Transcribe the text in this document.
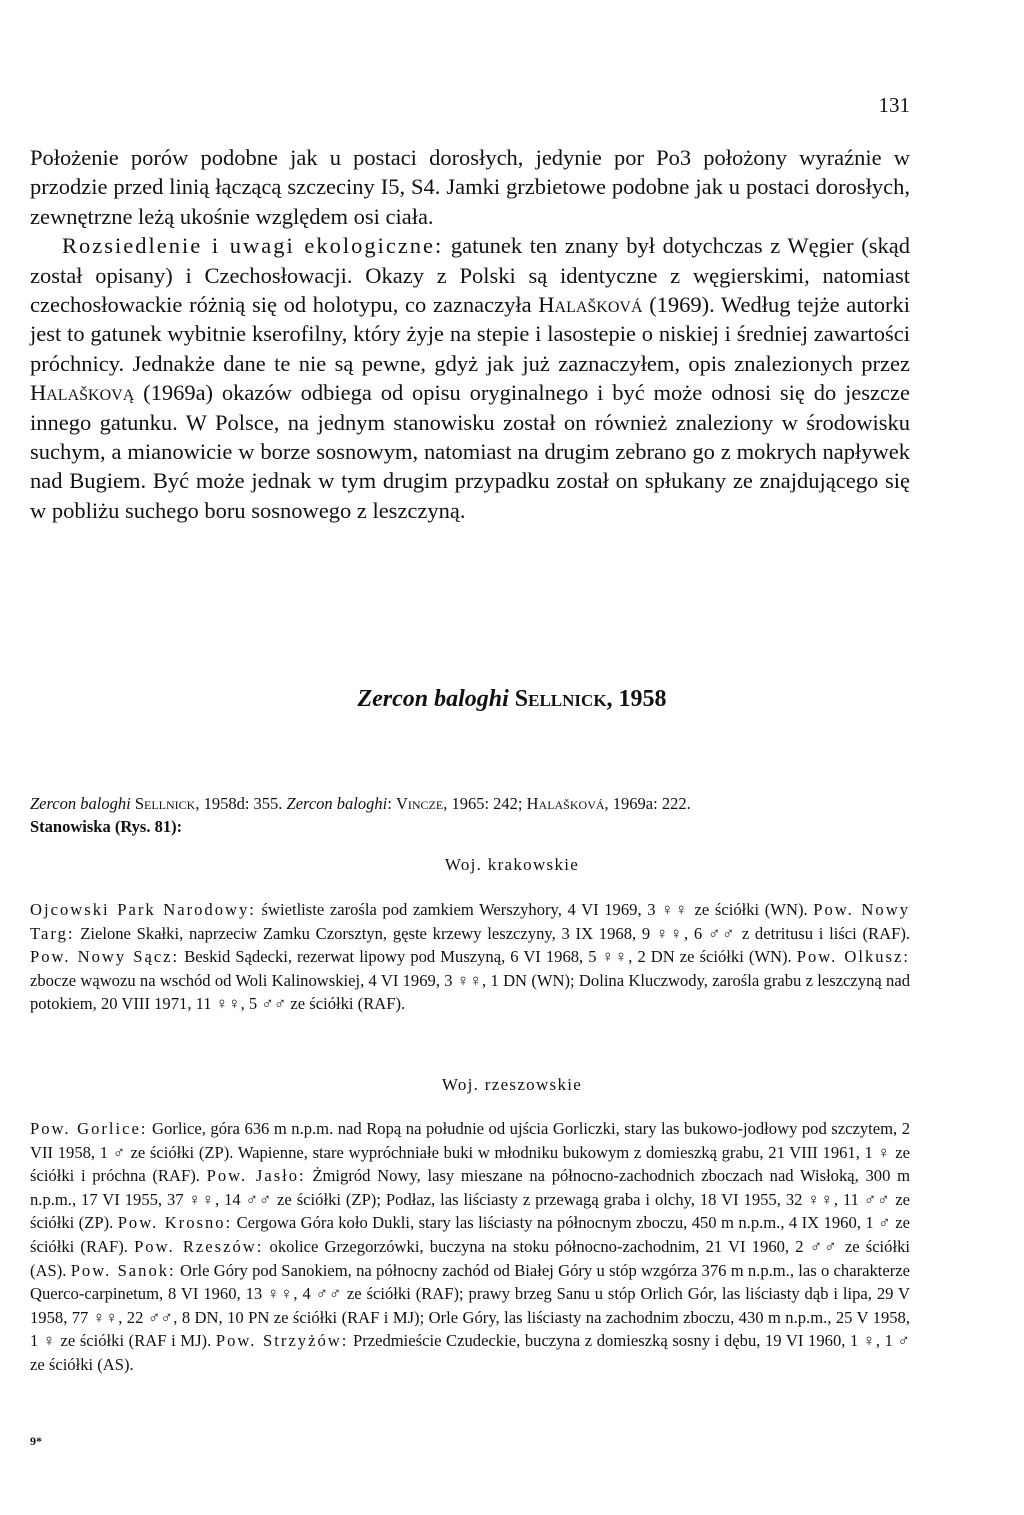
131

Położenie porów podobne jak u postaci dorosłych, jedynie por Po3 położony wyraźnie w przodzie przed linią łączącą szczeciny I5, S4. Jamki grzbietowe podobne jak u postaci dorosłych, zewnętrzne leżą ukośnie względem osi ciała.

Rozsiedlenie i uwagi ekologiczne: gatunek ten znany był dotychczas z Węgier (skąd został opisany) i Czechosłowacji. Okazy z Polski są identyczne z węgierskimi, natomiast czechosłowackie różnią się od holotypu, co zaznaczyła Halašková (1969). Według tejże autorki jest to gatunek wybitnie kserofilny, który żyje na stepie i lasostepie o niskiej i średniej zawartości próchnicy. Jednakże dane te nie są pewne, gdyż jak już zaznaczyłem, opis znalezionych przez Halaškovą (1969a) okazów odbiega od opisu oryginalnego i być może odnosi się do jeszcze innego gatunku. W Polsce, na jednym stanowisku został on również znaleziony w środowisku suchym, a mianowicie w borze sosnowym, natomiast na drugim zebrano go z mokrych napływek nad Bugiem. Być może jednak w tym drugim przypadku został on spłukany ze znajdującego się w pobliżu suchego boru sosnowego z leszczyną.

Zercon baloghi Sellnick, 1958

Zercon baloghi Sellnick, 1958d: 355. Zercon baloghi: Vincze, 1965: 242; Halašková, 1969a: 222.

Stanowiska (Rys. 81):

Woj. krakowskie

Ojcowski Park Narodowy: świetliste zarośla pod zamkiem Werszyhory, 4 VI 1969, 3 ♀♀ ze ściółki (WN). Pow. Nowy Targ: Zielone Skałki, naprzeciw Zamku Czorsztyn, gęste krzewy leszczyny, 3 IX 1968, 9 ♀♀, 6 ♂♂ z detritusu i liści (RAF). Pow. Nowy Sącz: Beskid Sądecki, rezerwat lipowy pod Muszyną, 6 VI 1968, 5 ♀♀, 2 DN ze ściółki (WN). Pow. Olkusz: zbocze wąwozu na wschód od Woli Kalinowskiej, 4 VI 1969, 3 ♀♀, 1 DN (WN); Dolina Kluczwody, zarośla grabu z leszczyną nad potokiem, 20 VIII 1971, 11 ♀♀, 5 ♂♂ ze ściółki (RAF).

Woj. rzeszowskie

Pow. Gorlice: Gorlice, góra 636 m n.p.m. nad Ropą na południe od ujścia Gorliczki, stary las bukowo-jodłowy pod szczytem, 2 VII 1958, 1 ♂ ze ściółki (ZP). Wapienne, stare wypróchniałe buki w młodniku bukowym z domieszką grabu, 21 VIII 1961, 1 ♀ ze ściółki i próchna (RAF). Pow. Jasło: Żmigród Nowy, lasy mieszane na północno-zachodnich zboczach nad Wisłoką, 300 m n.p.m., 17 VI 1955, 37 ♀♀, 14 ♂♂ ze ściółki (ZP); Podłaz, las liściasty z przewagą graba i olchy, 18 VI 1955, 32 ♀♀, 11 ♂♂ ze ściółki (ZP). Pow. Krosno: Cergowa Góra koło Dukli, stary las liściasty na północnym zboczu, 450 m n.p.m., 4 IX 1960, 1 ♂ ze ściółki (RAF). Pow. Rzeszów: okolice Grzegorzówki, buczyna na stoku północno-zachodnim, 21 VI 1960, 2 ♂♂ ze ściółki (AS). Pow. Sanok: Orle Góry pod Sanokiem, na północny zachód od Białej Góry u stóp wzgórza 376 m n.p.m., las o charakterze Querco-carpinetum, 8 VI 1960, 13 ♀♀, 4 ♂♂ ze ściółki (RAF); prawy brzeg Sanu u stóp Orlich Gór, las liściasty dąb i lipa, 29 V 1958, 77 ♀♀, 22 ♂♂, 8 DN, 10 PN ze ściółki (RAF i MJ); Orle Góry, las liściasty na zachodnim zboczu, 430 m n.p.m., 25 V 1958, 1 ♀ ze ściółki (RAF i MJ). Pow. Strzyżów: Przedmieście Czudeckie, buczyna z domieszką sosny i dębu, 19 VI 1960, 1 ♀, 1 ♂ ze ściółki (AS).

9*
